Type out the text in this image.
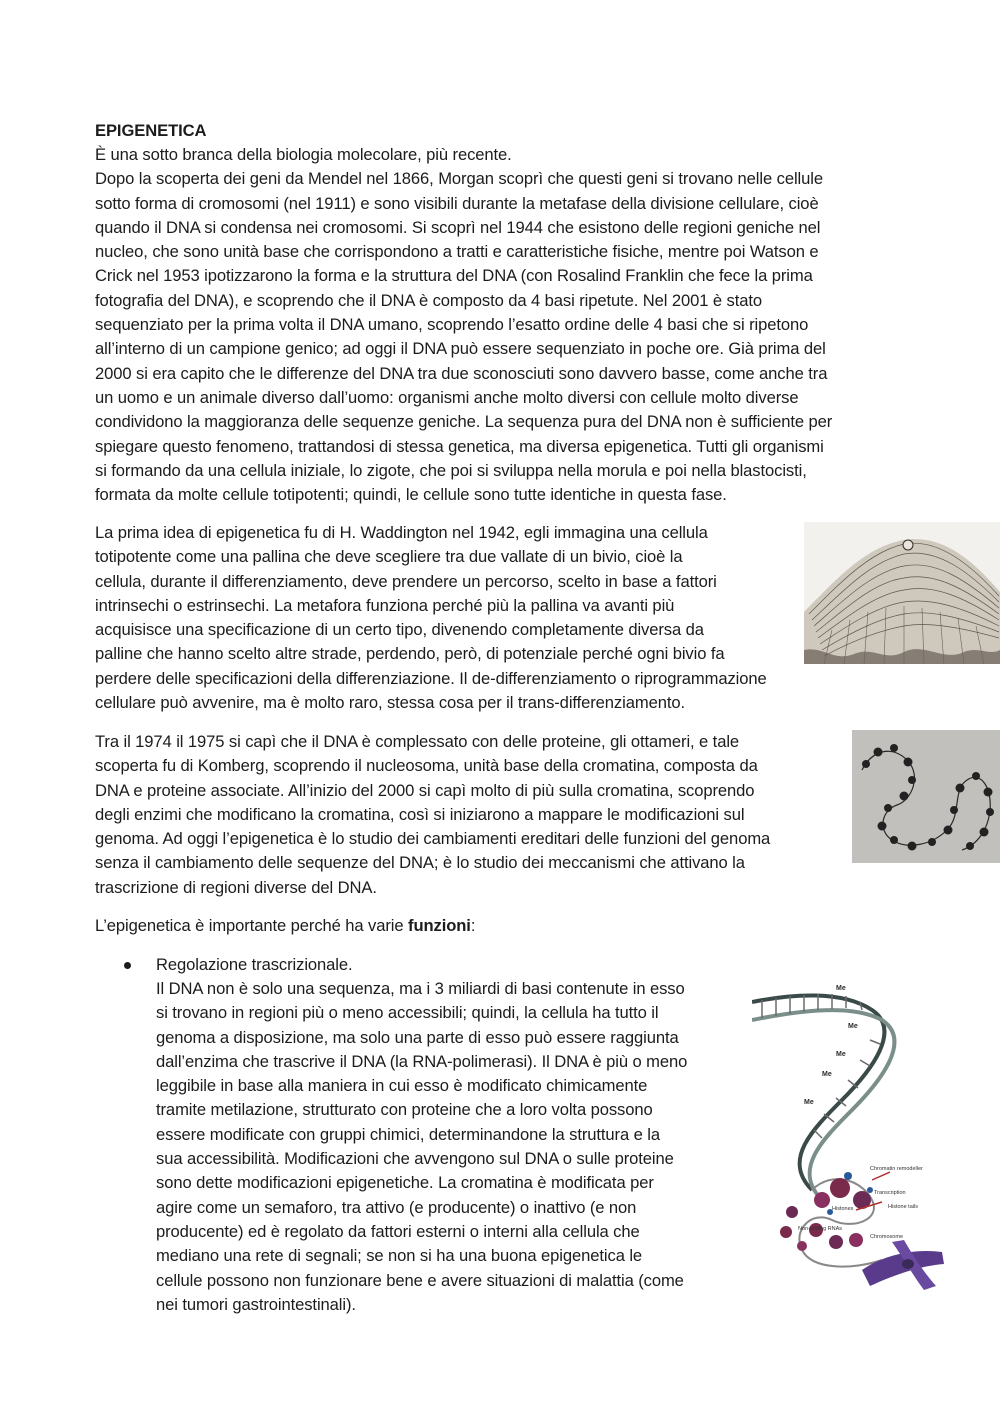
EPIGENETICA
È una sotto branca della biologia molecolare, più recente.
Dopo la scoperta dei geni da Mendel nel 1866, Morgan scoprì che questi geni si trovano nelle cellule
sotto forma di cromosomi (nel 1911) e sono visibili durante la metafase della divisione cellulare, cioè
quando il DNA si condensa nei cromosomi. Si scoprì nel 1944 che esistono delle regioni geniche nel
nucleo, che sono unità base che corrispondono a tratti e caratteristiche fisiche, mentre poi Watson e
Crick nel 1953 ipotizzarono la forma e la struttura del DNA (con Rosalind Franklin che fece la prima
fotografia del DNA), e scoprendo che il DNA è composto da 4 basi ripetute. Nel 2001 è stato
sequenziato per la prima volta il DNA umano, scoprendo l’esatto ordine delle 4 basi che si ripetono
all’interno di un campione genico; ad oggi il DNA può essere sequenziato in poche ore. Già prima del
2000 si era capito che le differenze del DNA tra due sconosciuti sono davvero basse, come anche tra
un uomo e un animale diverso dall’uomo: organismi anche molto diversi con cellule molto diverse
condividono la maggioranza delle sequenze geniche. La sequenza pura del DNA non è sufficiente per
spiegare questo fenomeno, trattandosi di stessa genetica, ma diversa epigenetica. Tutti gli organismi
si formando da una cellula iniziale, lo zigote, che poi si sviluppa nella morula e poi nella blastocisti,
formata da molte cellule totipotenti; quindi, le cellule sono tutte identiche in questa fase.
La prima idea di epigenetica fu di H. Waddington nel 1942, egli immagina una cellula
totipotente come una pallina che deve scegliere tra due vallate di un bivio, cioè la
cellula, durante il differenziamento, deve prendere un percorso, scelto in base a fattori
intrinsechi o estrinsechi. La metafora funziona perché più la pallina va avanti più
acquisisce una specificazione di un certo tipo, divenendo completamente diversa da
palline che hanno scelto altre strade, perdendo, però, di potenziale perché ogni bivio fa
perdere delle specificazioni della differenziazione. Il de-differenziamento o riprogrammazione
cellulare può avvenire, ma è molto raro, stessa cosa per il trans-differenziamento.
Tra il 1974 il 1975 si capì che il DNA è complessato con delle proteine, gli ottameri, e tale
scoperta fu di Komberg, scoprendo il nucleosoma, unità base della cromatina, composta da
DNA e proteine associate. All’inizio del 2000 si capì molto di più sulla cromatina, scoprendo
degli enzimi che modificano la cromatina, così si iniziarono a mappare le modificazioni sul
genoma. Ad oggi l’epigenetica è lo studio dei cambiamenti ereditari delle funzioni del genoma
senza il cambiamento delle sequenze del DNA; è lo studio dei meccanismi che attivano la
trascrizione di regioni diverse del DNA.
L’epigenetica è importante perché ha varie funzioni:
Regolazione trascrizionale.
Il DNA non è solo una sequenza, ma i 3 miliardi di basi contenute in esso
si trovano in regioni più o meno accessibili; quindi, la cellula ha tutto il
genoma a disposizione, ma solo una parte di esso può essere raggiunta
dall’enzima che trascrive il DNA (la RNA-polimerasi). Il DNA è più o meno
leggibile in base alla maniera in cui esso è modificato chimicamente
tramite metilazione, strutturato con proteine che a loro volta possono
essere modificate con gruppi chimici, determinandone la struttura e la
sua accessibilità. Modificazioni che avvengono sul DNA o sulle proteine
sono dette modificazioni epigenetiche. La cromatina è modificata per
agire come un semaforo, tra attivo (e producente) o inattivo (e non
producente) ed è regolato da fattori esterni o interni alla cellula che
mediano una rete di segnali; se non si ha una buona epigenetica le
cellule possono non funzionare bene e avere situazioni di malattia (come
nei tumori gastrointestinali).
Me
Me
Me
Me
Me
Chromatin remodeller
Histones
Transcription
Histone tails
Non-coding RNAs
Chromosome
